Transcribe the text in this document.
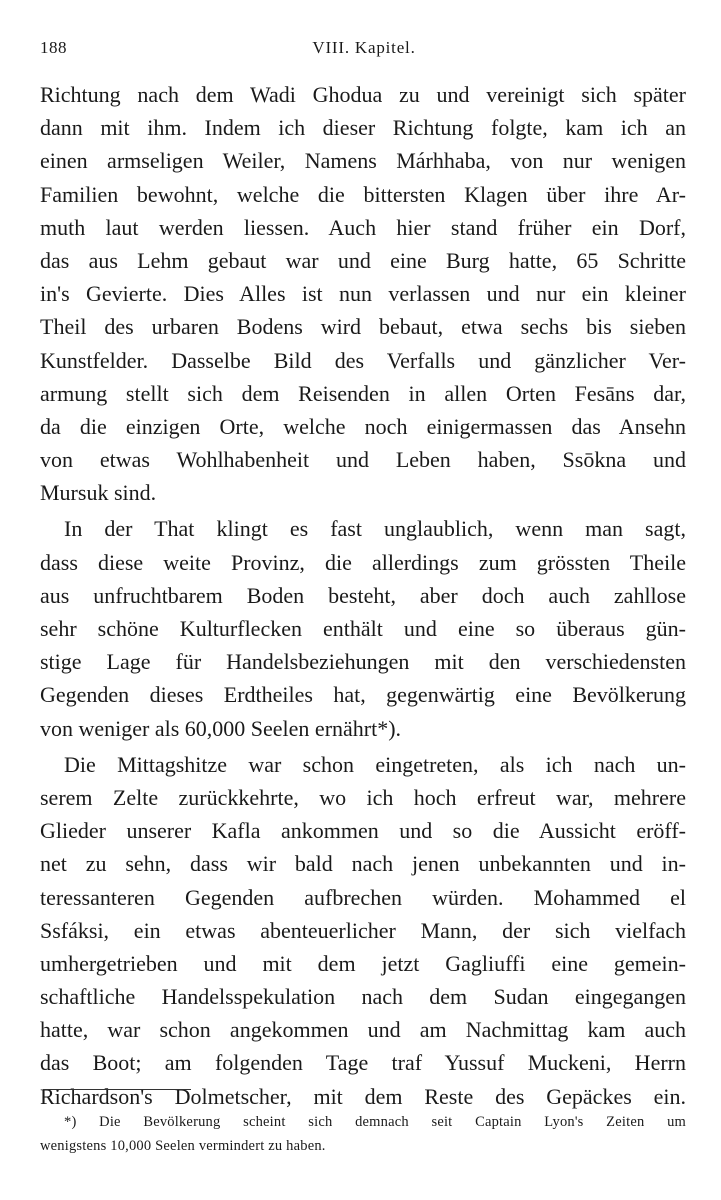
188	VIII. Kapitel.
Richtung nach dem Wadi Ghodua zu und vereinigt sich später
dann mit ihm. Indem ich dieser Richtung folgte, kam ich an
einen armseligen Weiler, Namens Márhhaba, von nur wenigen
Familien bewohnt, welche die bittersten Klagen über ihre Ar-
muth laut werden liessen. Auch hier stand früher ein Dorf,
das aus Lehm gebaut war und eine Burg hatte, 65 Schritte
in's Gevierte. Dies Alles ist nun verlassen und nur ein kleiner
Theil des urbaren Bodens wird bebaut, etwa sechs bis sieben
Kunstfelder. Dasselbe Bild des Verfalls und gänzlicher Ver-
armung stellt sich dem Reisenden in allen Orten Fesāns dar,
da die einzigen Orte, welche noch einigermassen das Ansehn
von etwas Wohlhabenheit und Leben haben, Ssōkna und
Mursuk sind.
In der That klingt es fast unglaublich, wenn man sagt,
dass diese weite Provinz, die allerdings zum grössten Theile
aus unfruchtbarem Boden besteht, aber doch auch zahllose
sehr schöne Kulturflecken enthält und eine so überaus gün-
stige Lage für Handelsbeziehungen mit den verschiedensten
Gegenden dieses Erdtheiles hat, gegenwärtig eine Bevölkerung
von weniger als 60,000 Seelen ernährt*).
Die Mittagshitze war schon eingetreten, als ich nach un-
serem Zelte zurückkehrte, wo ich hoch erfreut war, mehrere
Glieder unserer Kafla ankommen und so die Aussicht eröff-
net zu sehn, dass wir bald nach jenen unbekannten und in-
teressanteren Gegenden aufbrechen würden. Mohammed el
Ssfáksi, ein etwas abenteuerlicher Mann, der sich vielfach
umhergetrieben und mit dem jetzt Gagliuffi eine gemein-
schaftliche Handelsspekulation nach dem Sudan eingegangen
hatte, war schon angekommen und am Nachmittag kam auch
das Boot; am folgenden Tage traf Yussuf Muckeni, Herrn
Richardson's Dolmetscher, mit dem Reste des Gepäckes ein.
*) Die Bevölkerung scheint sich demnach seit Captain Lyon's Zeiten um
wenigstens 10,000 Seelen vermindert zu haben.
